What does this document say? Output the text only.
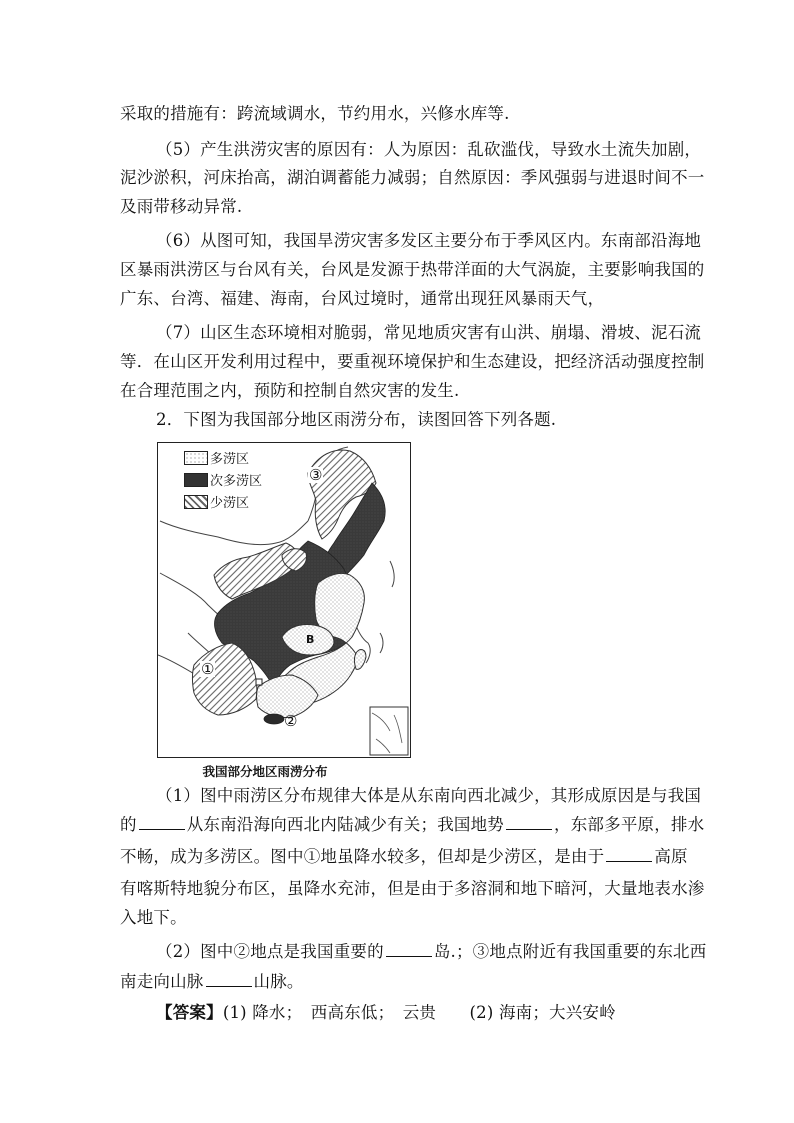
采取的措施有：跨流域调水，节约用水，兴修水库等.
（5）产生洪涝灾害的原因有：人为原因：乱砍滥伐，导致水土流失加剧，
泥沙淤积，河床抬高，湖泊调蓄能力减弱；自然原因：季风强弱与进退时间不一
及雨带移动异常.
（6）从图可知，我国旱涝灾害多发区主要分布于季风区内。东南部沿海地
区暴雨洪涝区与台风有关，台风是发源于热带洋面的大气涡旋，主要影响我国的
广东、台湾、福建、海南，台风过境时，通常出现狂风暴雨天气，
（7）山区生态环境相对脆弱，常见地质灾害有山洪、崩塌、滑坡、泥石流
等．在山区开发利用过程中，要重视环境保护和生态建设，把经济活动强度控制
在合理范围之内，预防和控制自然灾害的发生.
2．下图为我国部分地区雨涝分布，读图回答下列各题.
多涝区
次多涝区
少涝区
③
①
②
B
我国部分地区雨涝分布
（1）图中雨涝区分布规律大体是从东南向西北减少，其形成原因是与我国
的	从东南沿海向西北内陆减少有关；我国地势	，东部多平原，排水
不畅，成为多涝区。图中①地虽降水较多，但却是少涝区，是由于	高原
有喀斯特地貌分布区，虽降水充沛，但是由于多溶洞和地下暗河，大量地表水渗
入地下。
（2）图中②地点是我国重要的	岛.；③地点附近有我国重要的东北西
南走向山脉	山脉。
【答案】(1) 降水；　西高东低；　云贵　　(2) 海南；大兴安岭
